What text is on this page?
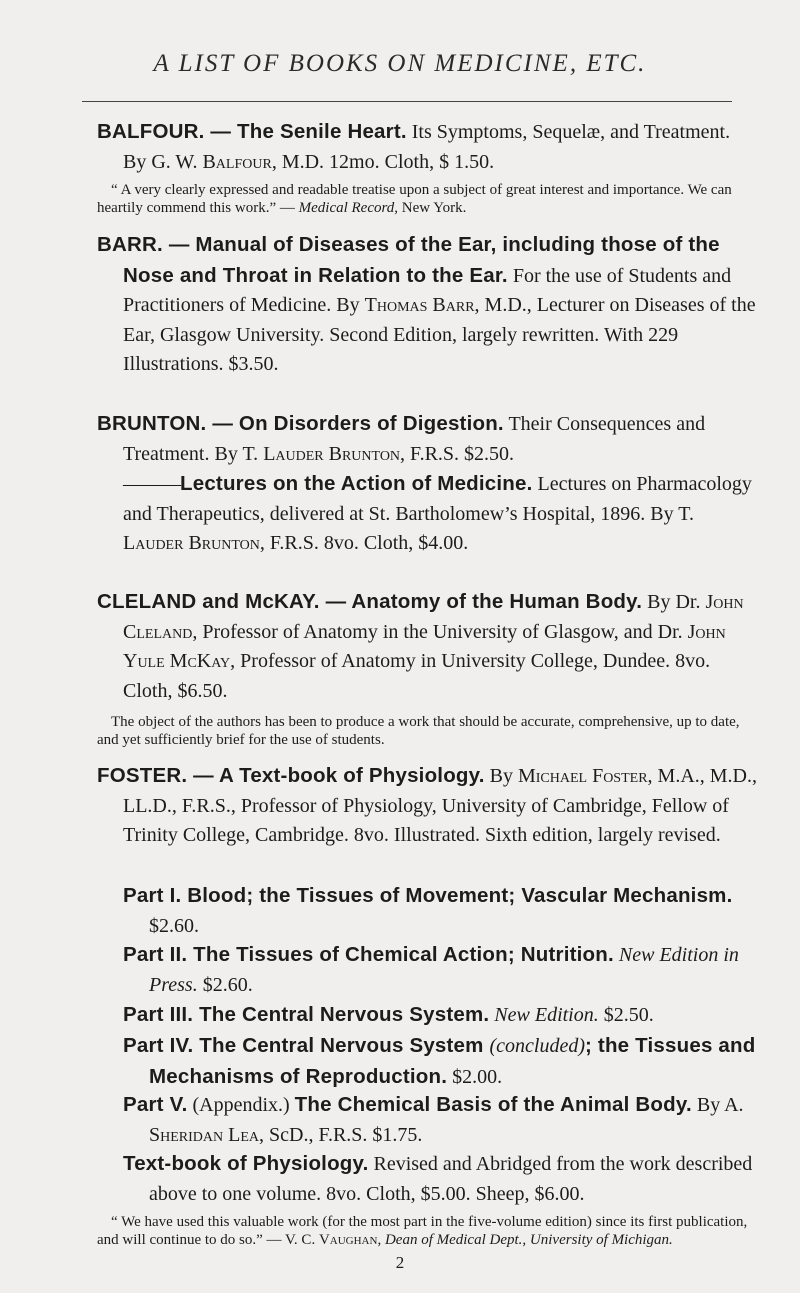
A LIST OF BOOKS ON MEDICINE, ETC.

BALFOUR. — The Senile Heart. Its Symptoms, Sequelæ, and Treatment. By G. W. Balfour, M.D. 12mo. Cloth, $ 1.50.

“ A very clearly expressed and readable treatise upon a subject of great interest and importance. We can heartily commend this work.” — Medical Record, New York.

BARR. — Manual of Diseases of the Ear, including those of the Nose and Throat in Relation to the Ear. For the use of Students and Practitioners of Medicine. By Thomas Barr, M.D., Lecturer on Diseases of the Ear, Glasgow University. Second Edition, largely rewritten. With 229 Illustrations. $3.50.

BRUNTON. — On Disorders of Digestion. Their Consequences and Treatment. By T. Lauder Brunton, F.R.S. $2.50.

———Lectures on the Action of Medicine. Lectures on Pharmacology and Therapeutics, delivered at St. Bartholomew’s Hospital, 1896. By T. Lauder Brunton, F.R.S. 8vo. Cloth, $4.00.

CLELAND and McKAY. — Anatomy of the Human Body. By Dr. John Cleland, Professor of Anatomy in the University of Glasgow, and Dr. John Yule McKay, Professor of Anatomy in University College, Dundee. 8vo. Cloth, $6.50.

The object of the authors has been to produce a work that should be accurate, comprehensive, up to date, and yet sufficiently brief for the use of students.

FOSTER. — A Text-book of Physiology. By Michael Foster, M.A., M.D., LL.D., F.R.S., Professor of Physiology, University of Cambridge, Fellow of Trinity College, Cambridge. 8vo. Illustrated. Sixth edition, largely revised.

Part I. Blood; the Tissues of Movement; Vascular Mechanism. $2.60.
Part II. The Tissues of Chemical Action; Nutrition. New Edition in Press. $2.60.
Part III. The Central Nervous System. New Edition. $2.50.
Part IV. The Central Nervous System (concluded); the Tissues and Mechanisms of Reproduction. $2.00.
Part V. (Appendix.) The Chemical Basis of the Animal Body. By A. Sheridan Lea, ScD., F.R.S. $1.75.

Text-book of Physiology. Revised and Abridged from the work described above to one volume. 8vo. Cloth, $5.00. Sheep, $6.00.

“ We have used this valuable work (for the most part in the five-volume edition) since its first publication, and will continue to do so.” — V. C. Vaughan, Dean of Medical Dept., University of Michigan.

2
